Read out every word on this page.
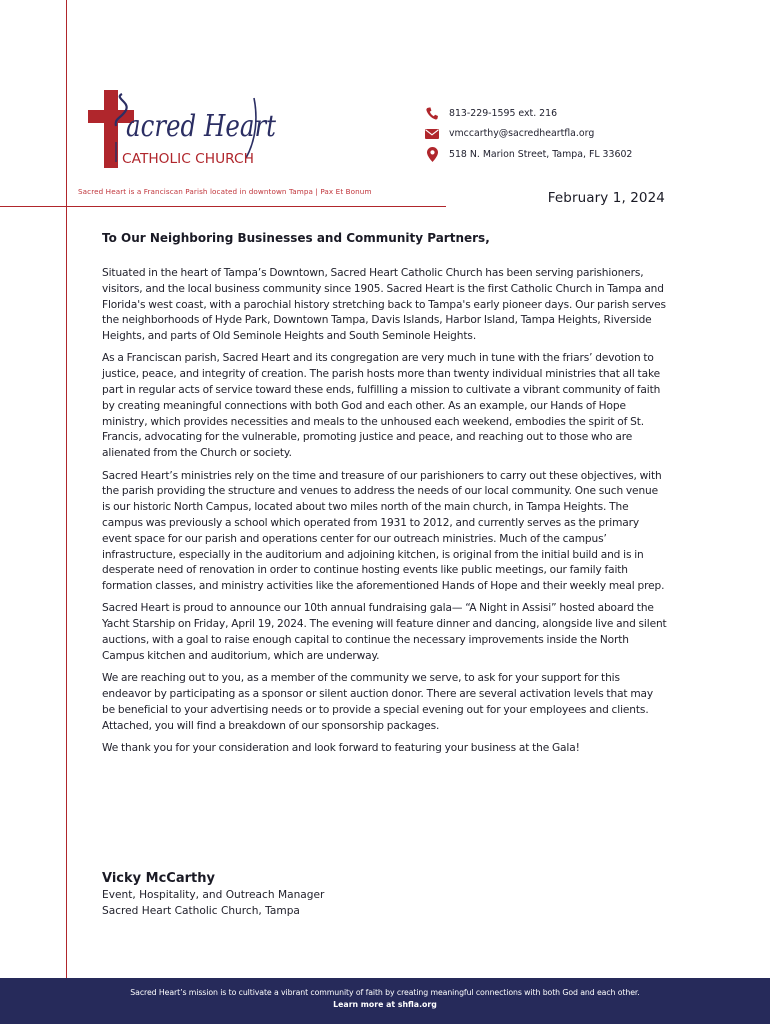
acred Heart
CATHOLIC CHURCH
Sacred Heart is a Franciscan Parish located in downtown Tampa | Pax Et Bonum
813-229-1595 ext. 216
vmccarthy@sacredheartfla.org
518 N. Marion Street, Tampa, FL 33602
February 1, 2024
To Our Neighboring Businesses and Community Partners,

Situated in the heart of Tampa’s Downtown, Sacred Heart Catholic Church has been serving parishioners, visitors, and the local business community since 1905. Sacred Heart is the first Catholic Church in Tampa and Florida's west coast, with a parochial history stretching back to Tampa's early pioneer days. Our parish serves the neighborhoods of Hyde Park, Downtown Tampa, Davis Islands, Harbor Island, Tampa Heights, Riverside Heights, and parts of Old Seminole Heights and South Seminole Heights.

As a Franciscan parish, Sacred Heart and its congregation are very much in tune with the friars’ devotion to justice, peace, and integrity of creation. The parish hosts more than twenty individual ministries that all take part in regular acts of service toward these ends, fulfilling a mission to cultivate a vibrant community of faith by creating meaningful connections with both God and each other. As an example, our Hands of Hope ministry, which provides necessities and meals to the unhoused each weekend, embodies the spirit of St. Francis, advocating for the vulnerable, promoting justice and peace, and reaching out to those who are alienated from the Church or society.

Sacred Heart’s ministries rely on the time and treasure of our parishioners to carry out these objectives, with the parish providing the structure and venues to address the needs of our local community. One such venue is our historic North Campus, located about two miles north of the main church, in Tampa Heights. The campus was previously a school which operated from 1931 to 2012, and currently serves as the primary event space for our parish and operations center for our outreach ministries. Much of the campus’ infrastructure, especially in the auditorium and adjoining kitchen, is original from the initial build and is in desperate need of renovation in order to continue hosting events like public meetings, our family faith formation classes, and ministry activities like the aforementioned Hands of Hope and their weekly meal prep.

Sacred Heart is proud to announce our 10th annual fundraising gala— “A Night in Assisi” hosted aboard the Yacht Starship on Friday, April 19, 2024. The evening will feature dinner and dancing, alongside live and silent auctions, with a goal to raise enough capital to continue the necessary improvements inside the North Campus kitchen and auditorium, which are underway.

We are reaching out to you, as a member of the community we serve, to ask for your support for this endeavor by participating as a sponsor or silent auction donor. There are several activation levels that may be beneficial to your advertising needs or to provide a special evening out for your employees and clients. Attached, you will find a breakdown of our sponsorship packages.

We thank you for your consideration and look forward to featuring your business at the Gala!

Vicky McCarthy
Event, Hospitality, and Outreach Manager
Sacred Heart Catholic Church, Tampa
Sacred Heart’s mission is to cultivate a vibrant community of faith by creating meaningful connections with both God and each other.
Learn more at shfla.org
